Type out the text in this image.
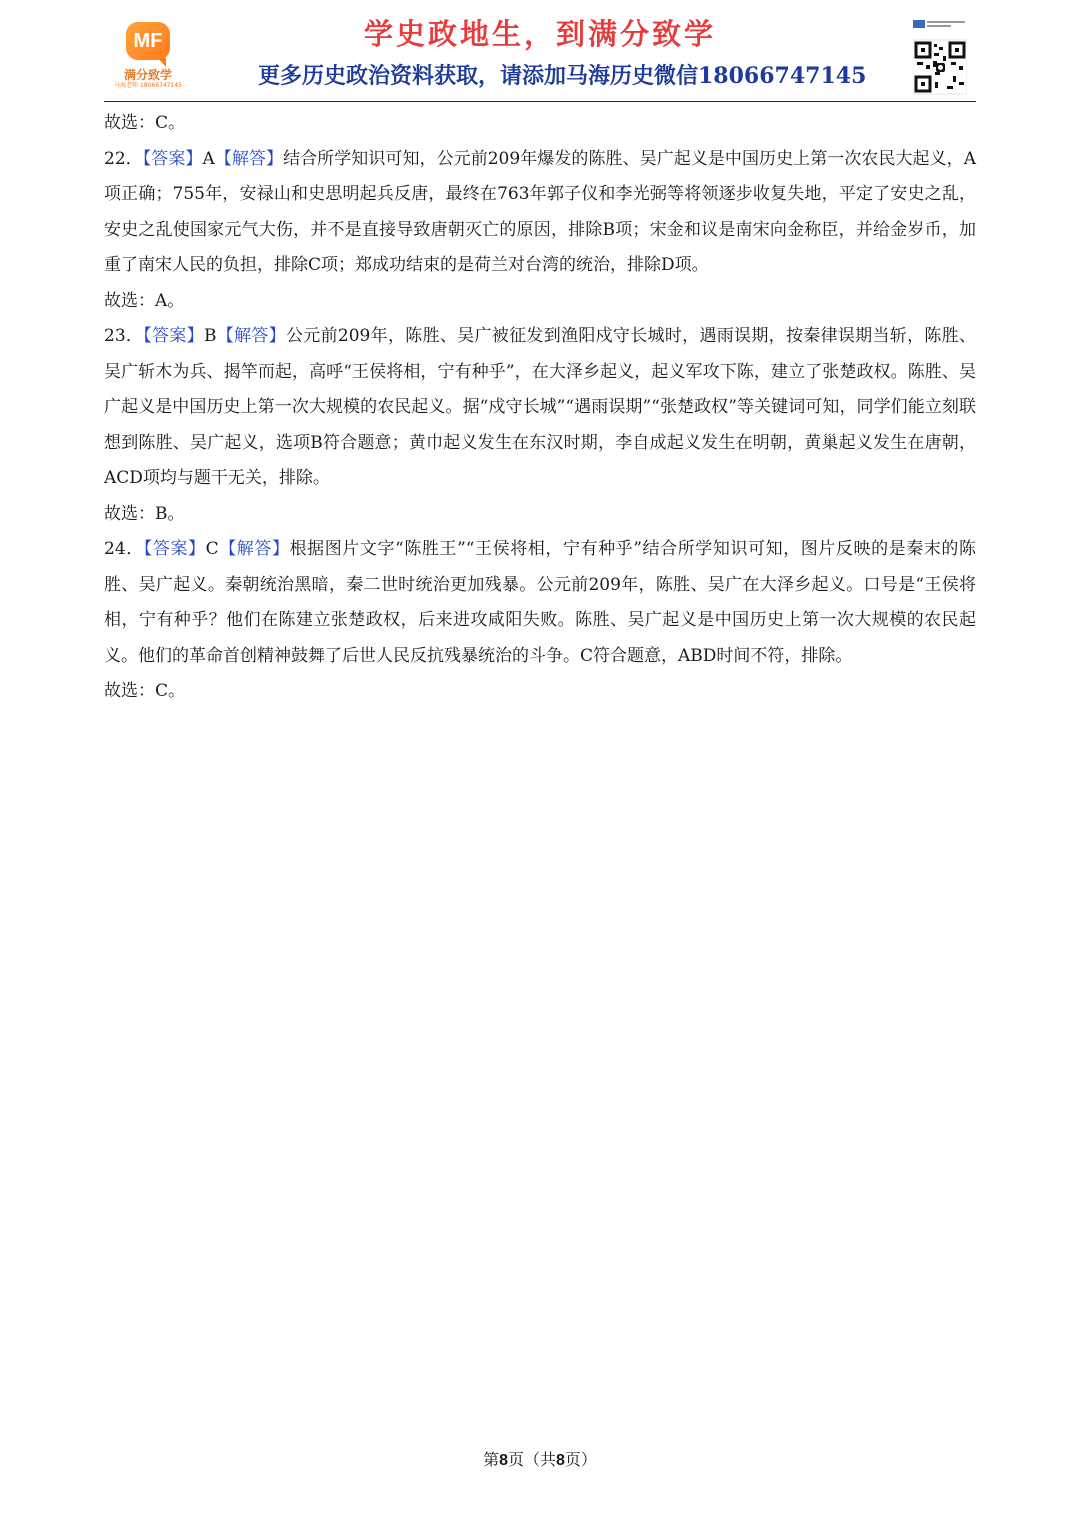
MF
满分致学
马海老师 18066747145
学史政地生，到满分致学
更多历史政治资料获取，请添加马海历史微信18066747145

故选：C。

22．【答案】A【解答】结合所学知识可知，公元前209年爆发的陈胜、吴广起义是中国历史上第一次农民大起义，A项正确；755年，安禄山和史思明起兵反唐，最终在763年郭子仪和李光弼等将领逐步收复失地，平定了安史之乱，安史之乱使国家元气大伤，并不是直接导致唐朝灭亡的原因，排除B项；宋金和议是南宋向金称臣，并给金岁币，加重了南宋人民的负担，排除C项；郑成功结束的是荷兰对台湾的统治，排除D项。

故选：A。

23．【答案】B【解答】公元前209年，陈胜、吴广被征发到渔阳戍守长城时，遇雨误期，按秦律误期当斩，陈胜、吴广斩木为兵、揭竿而起，高呼“王侯将相，宁有种乎”，在大泽乡起义，起义军攻下陈，建立了张楚政权。陈胜、吴广起义是中国历史上第一次大规模的农民起义。据“戍守长城”“遇雨误期”“张楚政权”等关键词可知，同学们能立刻联想到陈胜、吴广起义，选项B符合题意；黄巾起义发生在东汉时期，李自成起义发生在明朝，黄巢起义发生在唐朝，ACD项均与题干无关，排除。

故选：B。

24．【答案】C【解答】根据图片文字“陈胜王”“王侯将相，宁有种乎”结合所学知识可知，图片反映的是秦末的陈胜、吴广起义。秦朝统治黑暗，秦二世时统治更加残暴。公元前209年，陈胜、吴广在大泽乡起义。口号是“王侯将相，宁有种乎？他们在陈建立张楚政权，后来进攻咸阳失败。陈胜、吴广起义是中国历史上第一次大规模的农民起义。他们的革命首创精神鼓舞了后世人民反抗残暴统治的斗争。C符合题意，ABD时间不符，排除。

故选：C。

第8页（共8页）
